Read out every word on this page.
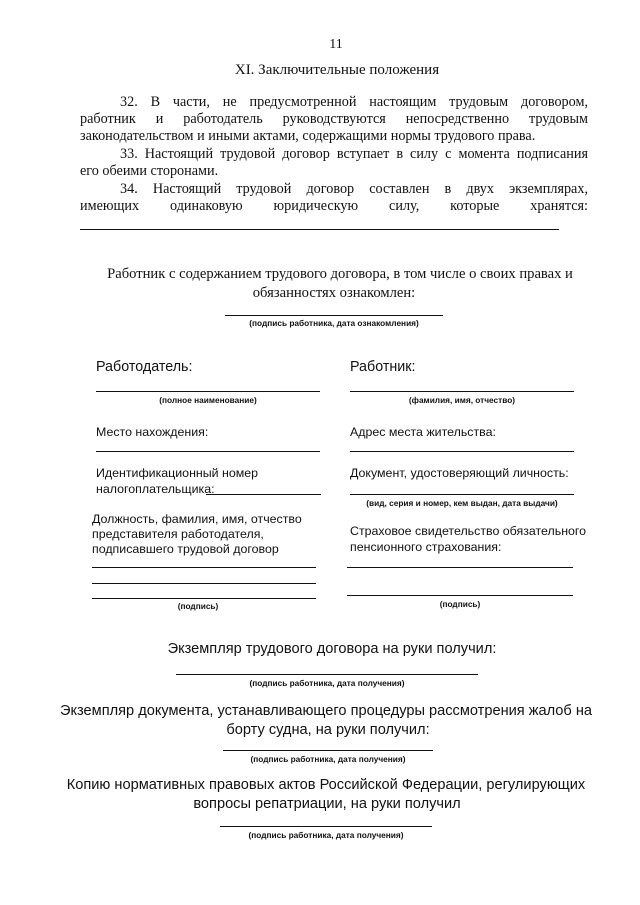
11
XI. Заключительные положения
32. В части, не предусмотренной настоящим трудовым договором,
работник и работодатель руководствуются непосредственно трудовым
законодательством и иными актами, содержащими нормы трудового права.
33. Настоящий трудовой договор вступает в силу с момента подписания
его обеими сторонами.
34. Настоящий трудовой договор составлен в двух экземплярах,
имеющих одинаковую юридическую силу, которые хранятся:
Работник с содержанием трудового договора, в том числе о своих правах и
обязанностях ознакомлен:
(подпись работника, дата ознакомления)
Работодатель:
(полное наименование)
Место нахождения:
Идентификационный номер
налогоплательщика:
Должность, фамилия, имя, отчество
представителя работодателя,
подписавшего трудовой договор
(подпись)
Работник:
(фамилия, имя, отчество)
Адрес места жительства:
Документ, удостоверяющий личность:
(вид, серия и номер, кем выдан, дата выдачи)
Страховое свидетельство обязательного
пенсионного страхования:
(подпись)
Экземпляр трудового договора на руки получил:
(подпись работника, дата получения)
Экземпляр документа, устанавливающего процедуры рассмотрения жалоб на
борту судна, на руки получил:
(подпись работника, дата получения)
Копию нормативных правовых актов Российской Федерации, регулирующих
вопросы репатриации, на руки получил
(подпись работника, дата получения)
